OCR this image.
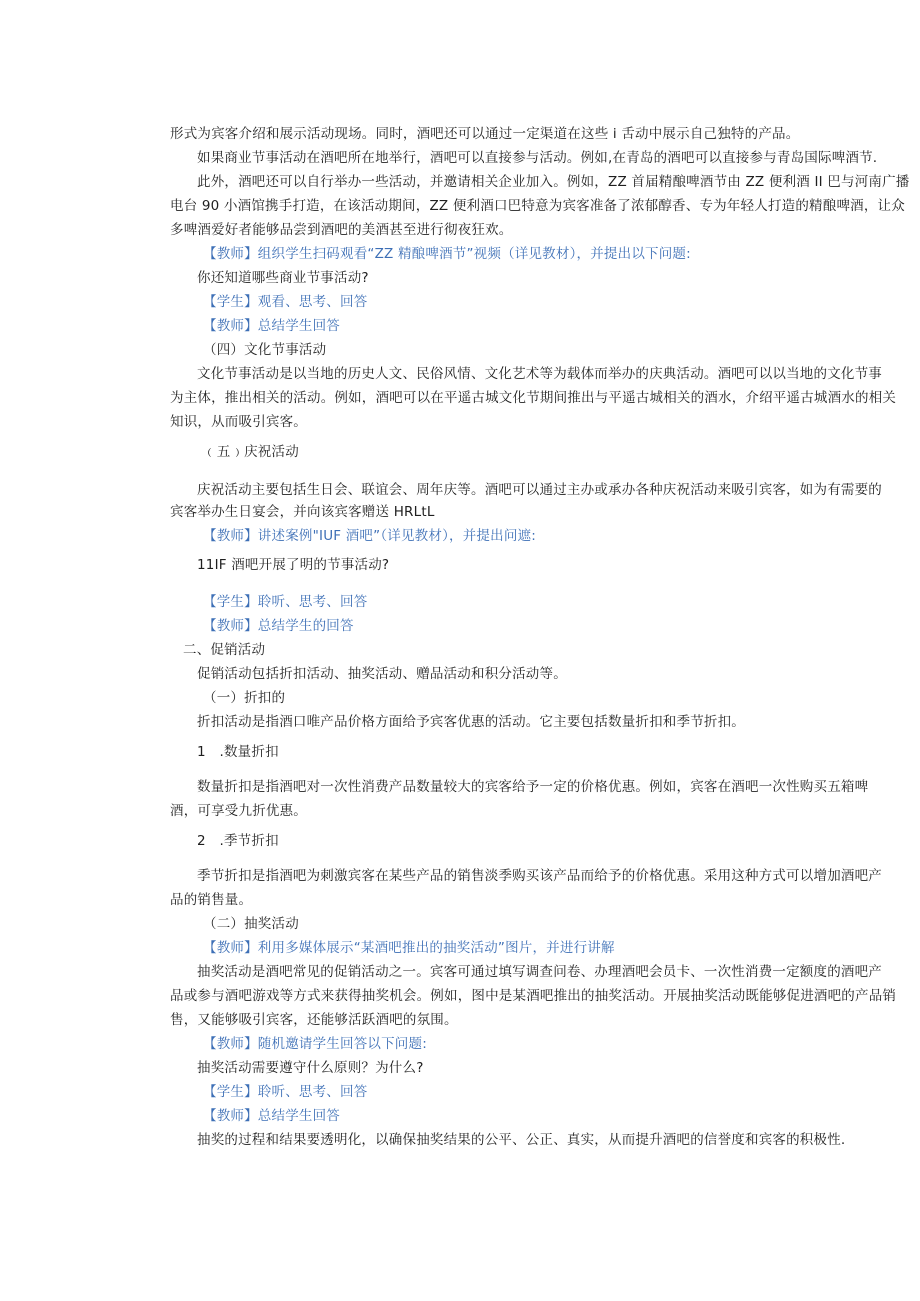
形式为宾客介绍和展示活动现场。同时，酒吧还可以通过一定渠道在这些 i 舌动中展示自己独特的产品。
如果商业节事活动在酒吧所在地举行，酒吧可以直接参与活动。例如,在青岛的酒吧可以直接参与青岛国际啤酒节.
此外，酒吧还可以自行举办一些活动，并邀请相关企业加入。例如，ZZ 首届精酿啤酒节由 ZZ 便利酒 II 巴与河南广播
电台 90 小酒馆携手打造，在该活动期间，ZZ 便利酒口巴特意为宾客准备了浓郁醇香、专为年轻人打造的精酿啤酒，让众
多啤酒爱好者能够品尝到酒吧的美酒甚至进行彻夜狂欢。
【教师】组织学生扫码观看“ZZ 精酿啤酒节”视频（详见教材），并提出以下问题:
你还知道哪些商业节事活动?
【学生】观看、思考、回答
【教师】总结学生回答
（四）文化节事活动
文化节事活动是以当地的历史人文、民俗风情、文化艺术等为载体而举办的庆典活动。酒吧可以以当地的文化节事
为主体，推出相关的活动。例如，酒吧可以在平遥古城文化节期间推出与平遥古城相关的酒水，介绍平遥古城酒水的相关
知识，从而吸引宾客。
﹙五﹚庆祝活动
庆祝活动主要包括生日会、联谊会、周年庆等。酒吧可以通过主办或承办各种庆祝活动来吸引宾客，如为有需要的
宾客举办生日宴会，并向该宾客赠送 HRLtL
【教师】讲述案例"IUF 酒吧”（详见教材），并提出问遮:
11IF 酒吧开展了明的节事活动?
【学生】聆听、思考、回答
【教师】总结学生的回答
二、促销活动
促销活动包括折扣活动、抽奖活动、赠品活动和积分活动等。
（一）折扣的
折扣活动是指酒口唯产品价格方面给予宾客优惠的活动。它主要包括数量折扣和季节折扣。
1　.数量折扣
数量折扣是指酒吧对一次性消费产品数量较大的宾客给予一定的价格优惠。例如，宾客在酒吧一次性购买五箱啤
酒，可享受九折优惠。
2　.季节折扣
季节折扣是指酒吧为刺激宾客在某些产品的销售淡季购买该产品而给予的价格优惠。采用这种方式可以增加酒吧产
品的销售量。
（二）抽奖活动
【教师】利用多媒体展示“某酒吧推出的抽奖活动”图片，并进行讲解
抽奖活动是酒吧常见的促销活动之一。宾客可通过填写调查问卷、办理酒吧会员卡、一次性消费一定额度的酒吧产
品或参与酒吧游戏等方式来获得抽奖机会。例如，图中是某酒吧推出的抽奖活动。开展抽奖活动既能够促进酒吧的产品销
售，又能够吸引宾客，还能够活跃酒吧的氛围。
【教师】随机邀请学生回答以下问题:
抽奖活动需要遵守什么原则？为什么?
【学生】聆听、思考、回答
【教师】总结学生回答
抽奖的过程和结果要透明化，以确保抽奖结果的公平、公正、真实，从而提升酒吧的信誉度和宾客的积极性.
